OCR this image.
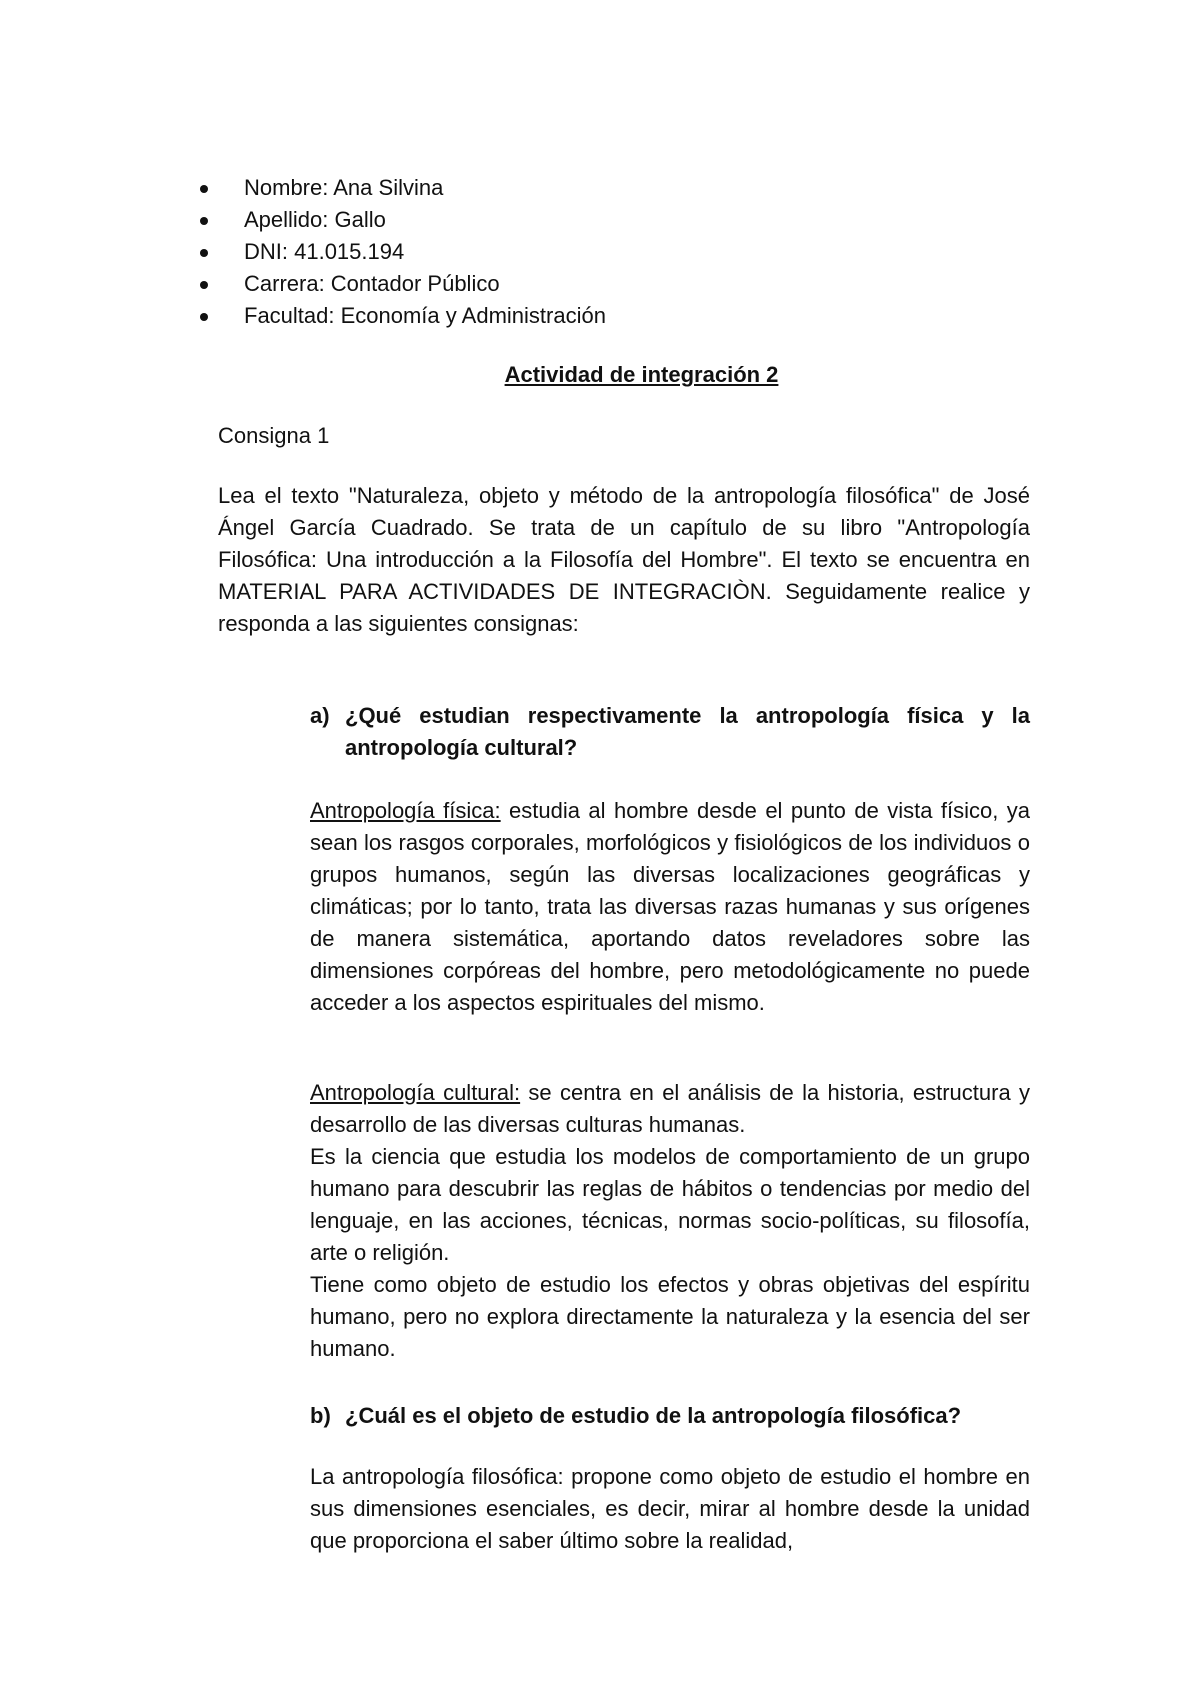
Nombre: Ana Silvina
Apellido: Gallo
DNI: 41.015.194
Carrera: Contador Público
Facultad: Economía y Administración
Actividad de integración 2

Consigna 1

Lea el texto "Naturaleza, objeto y método de la antropología filosófica" de José Ángel García Cuadrado. Se trata de un capítulo de su libro "Antropología Filosófica: Una introducción a la Filosofía del Hombre". El texto se encuentra en MATERIAL PARA ACTIVIDADES DE INTEGRACIÒN. Seguidamente realice y responda a las siguientes consignas:

a) ¿Qué estudian respectivamente la antropología física y la antropología cultural?

Antropología física: estudia al hombre desde el punto de vista físico, ya sean los rasgos corporales, morfológicos y fisiológicos de los individuos o grupos humanos, según las diversas localizaciones geográficas y climáticas; por lo tanto, trata las diversas razas humanas y sus orígenes de manera sistemática, aportando datos reveladores sobre las dimensiones corpóreas del hombre, pero metodológicamente no puede acceder a los aspectos espirituales del mismo.

Antropología cultural: se centra en el análisis de la historia, estructura y desarrollo de las diversas culturas humanas.

Es la ciencia que estudia los modelos de comportamiento de un grupo humano para descubrir las reglas de hábitos o tendencias por medio del lenguaje, en las acciones, técnicas, normas socio-políticas, su filosofía, arte o religión.

Tiene como objeto de estudio los efectos y obras objetivas del espíritu humano, pero no explora directamente la naturaleza y la esencia del ser humano.

b) ¿Cuál es el objeto de estudio de la antropología filosófica?

La antropología filosófica: propone como objeto de estudio el hombre en sus dimensiones esenciales, es decir, mirar al hombre desde la unidad que proporciona el saber último sobre la realidad,
